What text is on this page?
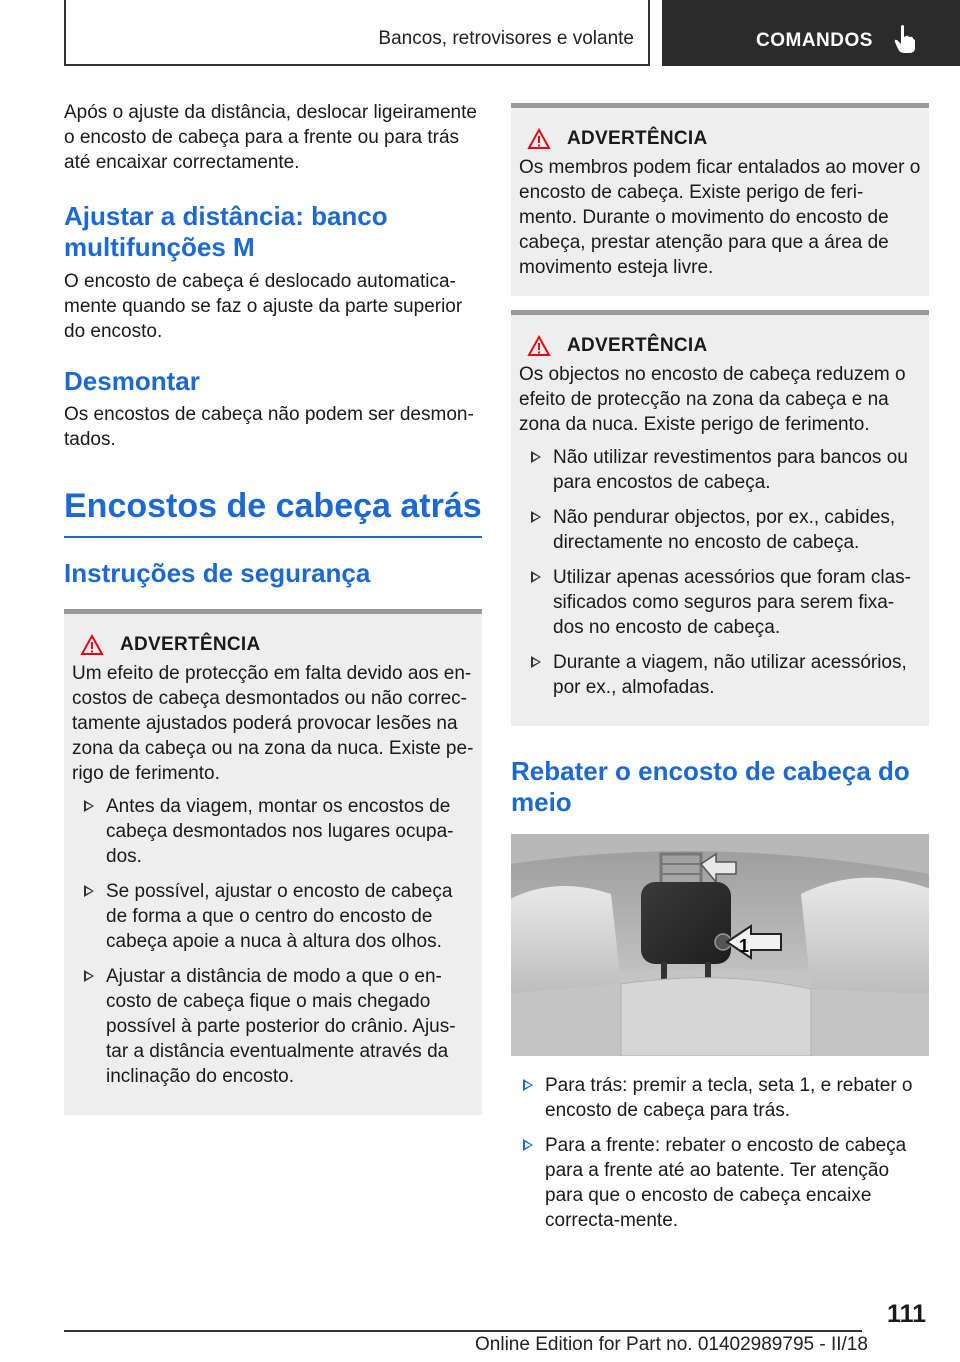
Bancos, retrovisores e volante	COMANDOS

Após o ajuste da distância, deslocar ligeiramente o encosto de cabeça para a frente ou para trás até encaixar correctamente.

Ajustar a distância: banco multifunções M

O encosto de cabeça é deslocado automatica-mente quando se faz o ajuste da parte superior do encosto.

Desmontar

Os encostos de cabeça não podem ser desmon-tados.

Encostos de cabeça atrás
Instruções de segurança
ADVERTÊNCIA

Um efeito de protecção em falta devido aos en-costos de cabeça desmontados ou não correc-tamente ajustados poderá provocar lesões na zona da cabeça ou na zona da nuca. Existe pe-rigo de ferimento.

Antes da viagem, montar os encostos de cabeça desmontados nos lugares ocupa-dos.
Se possível, ajustar o encosto de cabeça de forma a que o centro do encosto de cabeça apoie a nuca à altura dos olhos.
Ajustar a distância de modo a que o en-costo de cabeça fique o mais chegado possível à parte posterior do crânio. Ajus-tar a distância eventualmente através da inclinação do encosto.
ADVERTÊNCIA

Os membros podem ficar entalados ao mover o encosto de cabeça. Existe perigo de feri-mento. Durante o movimento do encosto de cabeça, prestar atenção para que a área de movimento esteja livre.

ADVERTÊNCIA

Os objectos no encosto de cabeça reduzem o efeito de protecção na zona da cabeça e na zona da nuca. Existe perigo de ferimento.

Não utilizar revestimentos para bancos ou para encostos de cabeça.
Não pendurar objectos, por ex., cabides, directamente no encosto de cabeça.
Utilizar apenas acessórios que foram clas-sificados como seguros para serem fixa-dos no encosto de cabeça.
Durante a viagem, não utilizar acessórios, por ex., almofadas.
Rebater o encosto de cabeça do meio
1
Para trás: premir a tecla, seta 1, e rebater o encosto de cabeça para trás.
Para a frente: rebater o encosto de cabeça para a frente até ao batente. Ter atenção para que o encosto de cabeça encaixe correcta-mente.
111
Online Edition for Part no. 01402989795 - II/18
